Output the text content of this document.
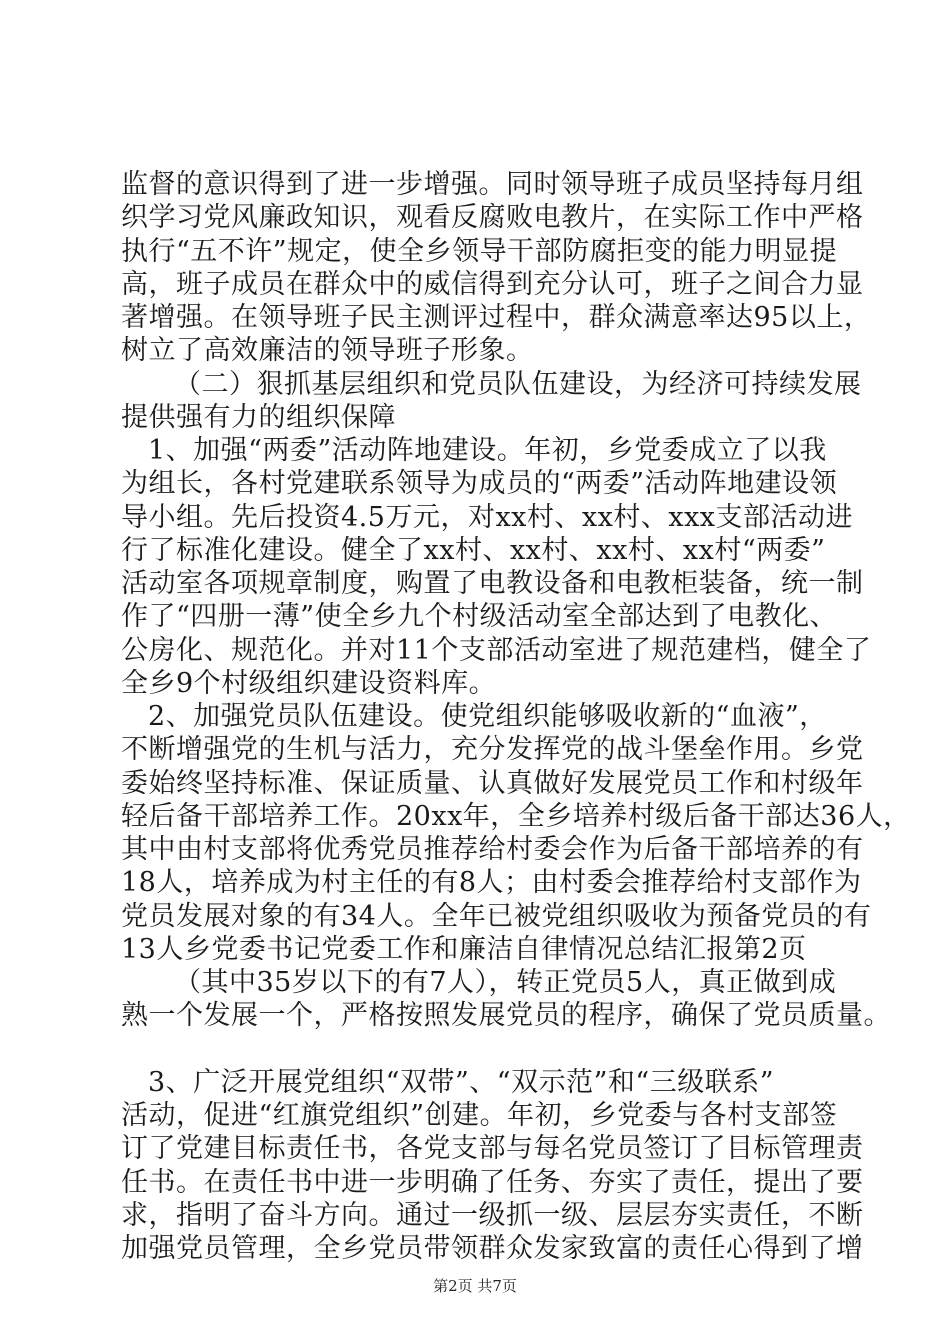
监督的意识得到了进一步增强。同时领导班子成员坚持每月组
织学习党风廉政知识，观看反腐败电教片，在实际工作中严格
执行“五不许”规定，使全乡领导干部防腐拒变的能力明显提
高，班子成员在群众中的威信得到充分认可，班子之间合力显
著增强。在领导班子民主测评过程中，群众满意率达95以上，
树立了高效廉洁的领导班子形象。
（二）狠抓基层组织和党员队伍建设，为经济可持续发展
提供强有力的组织保障
1、加强“两委”活动阵地建设。年初，乡党委成立了以我
为组长，各村党建联系领导为成员的“两委”活动阵地建设领
导小组。先后投资4.5万元，对xx村、xx村、xxx支部活动进
行了标准化建设。健全了xx村、xx村、xx村、xx村“两委”
活动室各项规章制度，购置了电教设备和电教柜装备，统一制
作了“四册一薄”使全乡九个村级活动室全部达到了电教化、
公房化、规范化。并对11个支部活动室进了规范建档，健全了
全乡9个村级组织建设资料库。
2、加强党员队伍建设。使党组织能够吸收新的“血液”，
不断增强党的生机与活力，充分发挥党的战斗堡垒作用。乡党
委始终坚持标准、保证质量、认真做好发展党员工作和村级年
轻后备干部培养工作。20xx年，全乡培养村级后备干部达36人，
其中由村支部将优秀党员推荐给村委会作为后备干部培养的有
18人，培养成为村主任的有8人；由村委会推荐给村支部作为
党员发展对象的有34人。全年已被党组织吸收为预备党员的有
13人乡党委书记党委工作和廉洁自律情况总结汇报第2页
（其中35岁以下的有7人），转正党员5人，真正做到成
熟一个发展一个，严格按照发展党员的程序，确保了党员质量。
3、广泛开展党组织“双带”、“双示范”和“三级联系”
活动，促进“红旗党组织”创建。年初，乡党委与各村支部签
订了党建目标责任书，各党支部与每名党员签订了目标管理责
任书。在责任书中进一步明确了任务、夯实了责任，提出了要
求，指明了奋斗方向。通过一级抓一级、层层夯实责任，不断
加强党员管理，全乡党员带领群众发家致富的责任心得到了增
第2页 共7页
